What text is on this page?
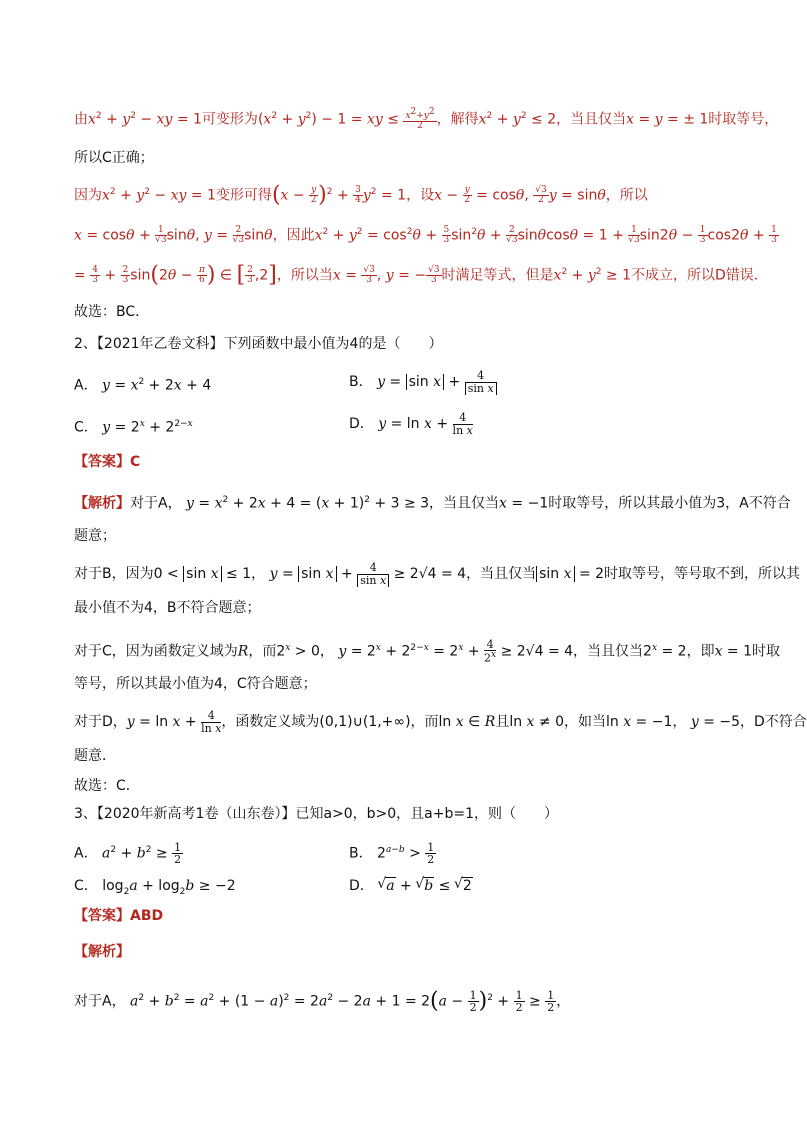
由$x^2 + y^2$ − xy = 1可变形为$(x^2 + y^2) - 1$ = xy ≤ $\frac{x^2+y^2}{2}$ ，解得$x^2 + y^2 \le 2$，当且仅当x = y = ± 1时取等号，
所以C正确；
因为$x^2 + y^2$ − xy = 1变形可得$(x - \frac{y}{2} )^2 + \frac{3}{4} y^2 = 1$，设$x - \frac{y}{2} = \cos\theta$, $\frac{√3}{2}$ y = sinθ，所以
$x = \cos\theta + \frac{1}{√3} \sin\theta$, $y = \frac{2}{√3}$ sinθ，因此$x^2 + y^2 = \cos^2\theta + \frac{5}{3} \sin^2\theta + \frac{2}{√3}$ $\sin\theta\cos\theta = 1 + \frac{1}{√3} \sin 2\theta - \frac{1}{3} \cos 2\theta + \frac{1}{3}$
= $\frac{4}{3} + \frac{2}{3} \sin(2\theta - \frac{\pi}{6}$ ) ∈ [ $\frac{2}{3} ,2$]，所以当$x = \frac{√3}{3}$ , y = − $\frac{√3}{3}$ 时满足等式，但是$x^2 + y^2 \ge 1$不成立，所以D错误．
故选：BC．
2、【2021年乙卷文科】下列函数中最小值为4的是（　　）
A． $y = x^2 + 2x + 4$	B． $y = \sin x + \frac{4}{\text{sin x}}$
C． $y = 2^x + 2^{2-x}$	D． $y = \ln x + \frac{4}{\text{ln x}}$
【答案】C
【解析】对于A， $y = x^2 + 2x + 4 = (x + 1)^2 + 3 \ge 3$，当且仅当x = −1时取等号，所以其最小值为3，A不符合
题意；
对于B，因为0 < sin x ≤ 1， $y = \sin x + \frac{4}{\text{sin x}} \ge 2√4 = 4$，当且仅当 sin x = 2时取等号，等号取不到，所以其
最小值不为4，B不符合题意；
对于C，因为函数定义域为R，而$2^x > 0$， $y = 2^x + 2^{2-x} = 2^x + \frac{4}{2^x} \ge 2√4 = 4$，当且仅当$2^x = 2$，即x = 1时取
等号，所以其最小值为4，C符合题意；
对于D，$y = \ln x + \frac{4}{\text{ln x}}$ ，函数定义域为(0,1)∪(1,+∞)，而ln x ∈ R且ln x ≠ 0，如当ln x = −1， y = −5，D不符合
题意．
故选：C．
3、【2020年新高考1卷（山东卷）】已知a>0，b>0，且a+b=1，则（　　）
A． $a^2 + b^2 \ge \frac{1}{2}$	B． $2^{a-b} > \frac{1}{2}$
C． $\log_2a + \log_2b \ge -2$	D． √ a + √ b ≤ √ 2
【答案】ABD
【解析】
对于A， $a^2 + b^2 = a^2 + (1 - a)^2 = 2a^2 - 2a + 1 = 2(a - \frac{1}{2} )^2 + \frac{1}{2} \ge \frac{1}{2}$ ，
